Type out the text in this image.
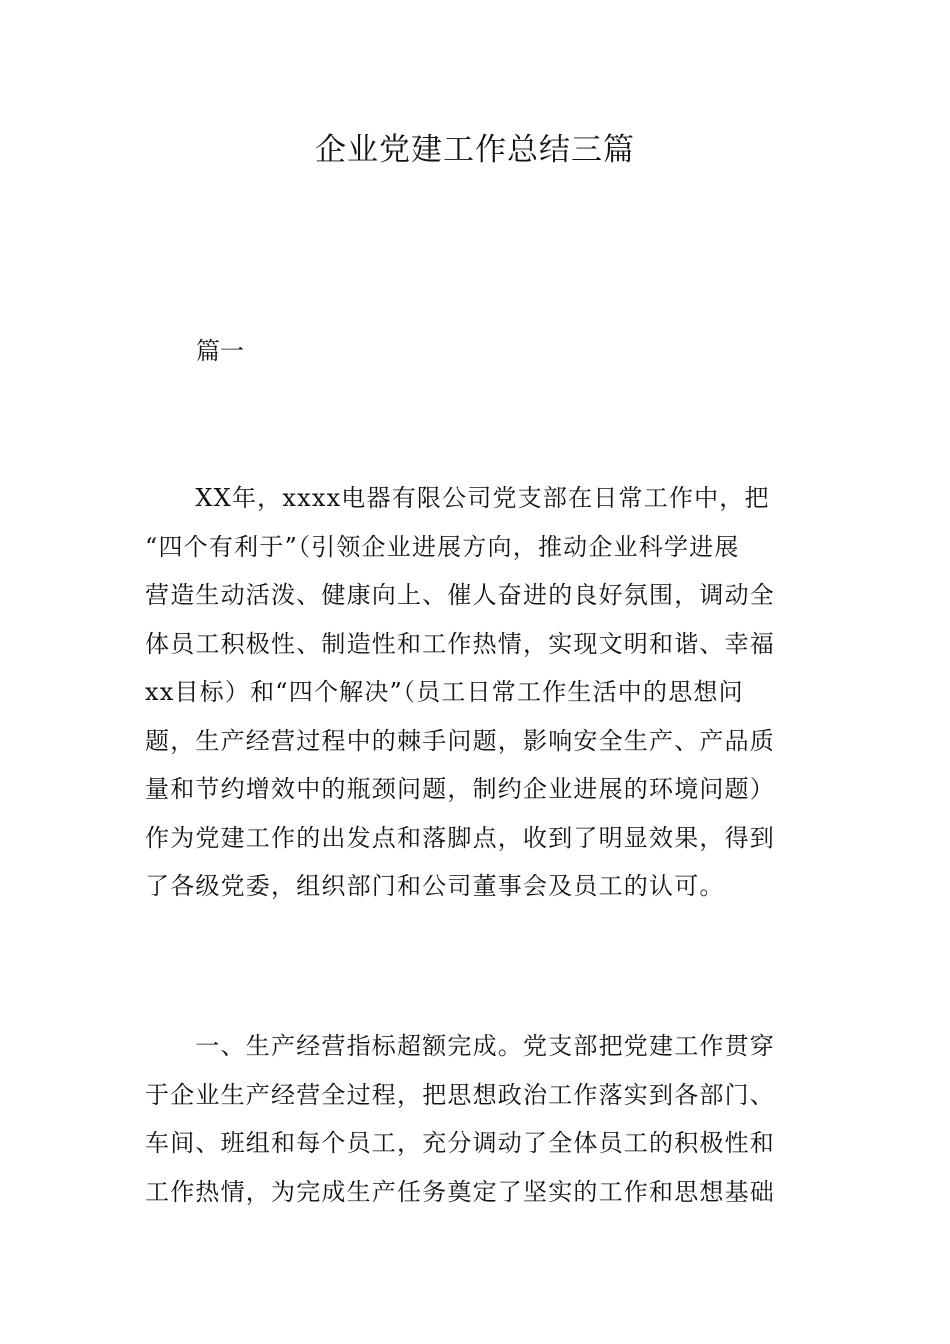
企业党建工作总结三篇

篇一

　　XX年，xxxx电器有限公司党支部在日常工作中，把
“四个有利于”（引领企业进展方向，推动企业科学进展
营造生动活泼、健康向上、催人奋进的良好氛围，调动全
体员工积极性、制造性和工作热情，实现文明和谐、幸福
xx目标）和“四个解决”（员工日常工作生活中的思想问
题，生产经营过程中的棘手问题，影响安全生产、产品质
量和节约增效中的瓶颈问题，制约企业进展的环境问题）
作为党建工作的出发点和落脚点，收到了明显效果，得到
了各级党委，组织部门和公司董事会及员工的认可。

　　一、生产经营指标超额完成。党支部把党建工作贯穿
于企业生产经营全过程，把思想政治工作落实到各部门、
车间、班组和每个员工，充分调动了全体员工的积极性和
工作热情，为完成生产任务奠定了坚实的工作和思想基础
